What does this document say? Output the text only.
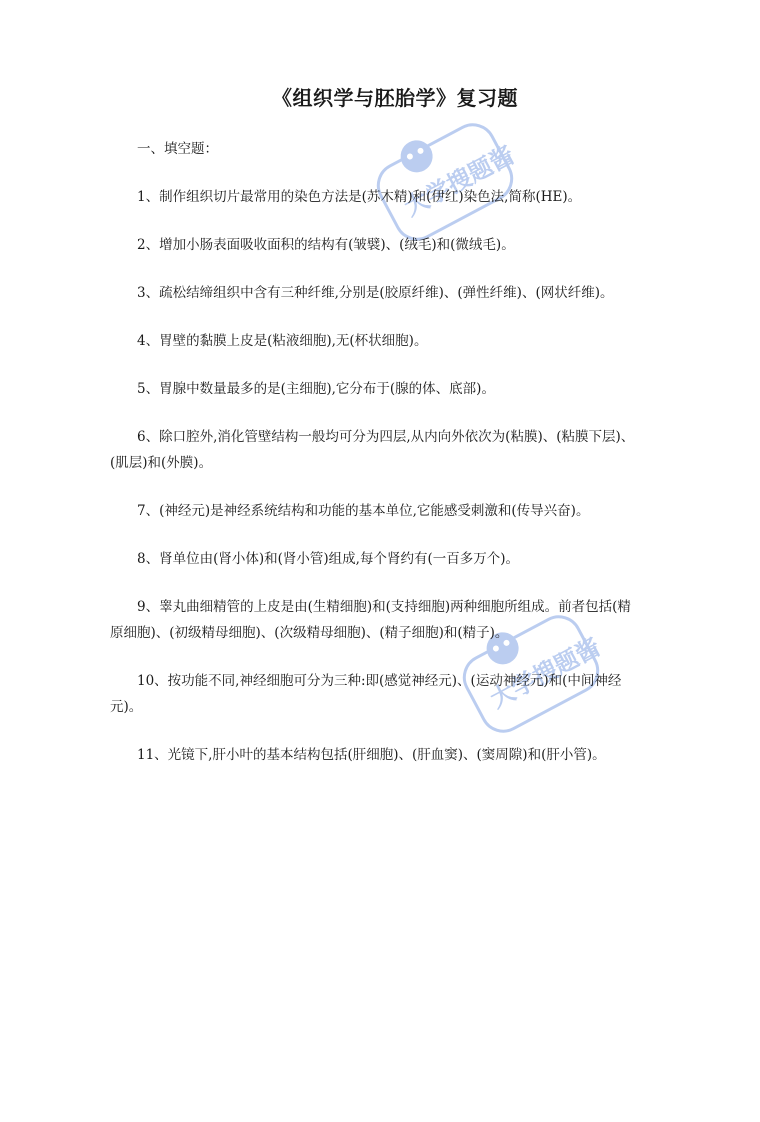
大学搜题酱
大学搜题酱
《组织学与胚胎学》复习题

一、填空题：

1、制作组织切片最常用的染色方法是(苏木精)和(伊红)染色法,简称(HE)。

2、增加小肠表面吸收面积的结构有(皱襞)、(绒毛)和(微绒毛)。

3、疏松结缔组织中含有三种纤维,分别是(胶原纤维)、(弹性纤维)、(网状纤维)。

4、胃壁的黏膜上皮是(粘液细胞),无(杯状细胞)。

5、胃腺中数量最多的是(主细胞),它分布于(腺的体、底部)。

6、除口腔外,消化管壁结构一般均可分为四层,从内向外依次为(粘膜)、(粘膜下层)、(肌层)和(外膜)。

7、(神经元)是神经系统结构和功能的基本单位,它能感受刺激和(传导兴奋)。

8、肾单位由(肾小体)和(肾小管)组成,每个肾约有(一百多万个)。

9、睾丸曲细精管的上皮是由(生精细胞)和(支持细胞)两种细胞所组成。前者包括(精原细胞)、(初级精母细胞)、(次级精母细胞)、(精子细胞)和(精子)。

10、按功能不同,神经细胞可分为三种:即(感觉神经元)、(运动神经元)和(中间神经元)。

11、光镜下,肝小叶的基本结构包括(肝细胞)、(肝血窦)、(窦周隙)和(肝小管)。
